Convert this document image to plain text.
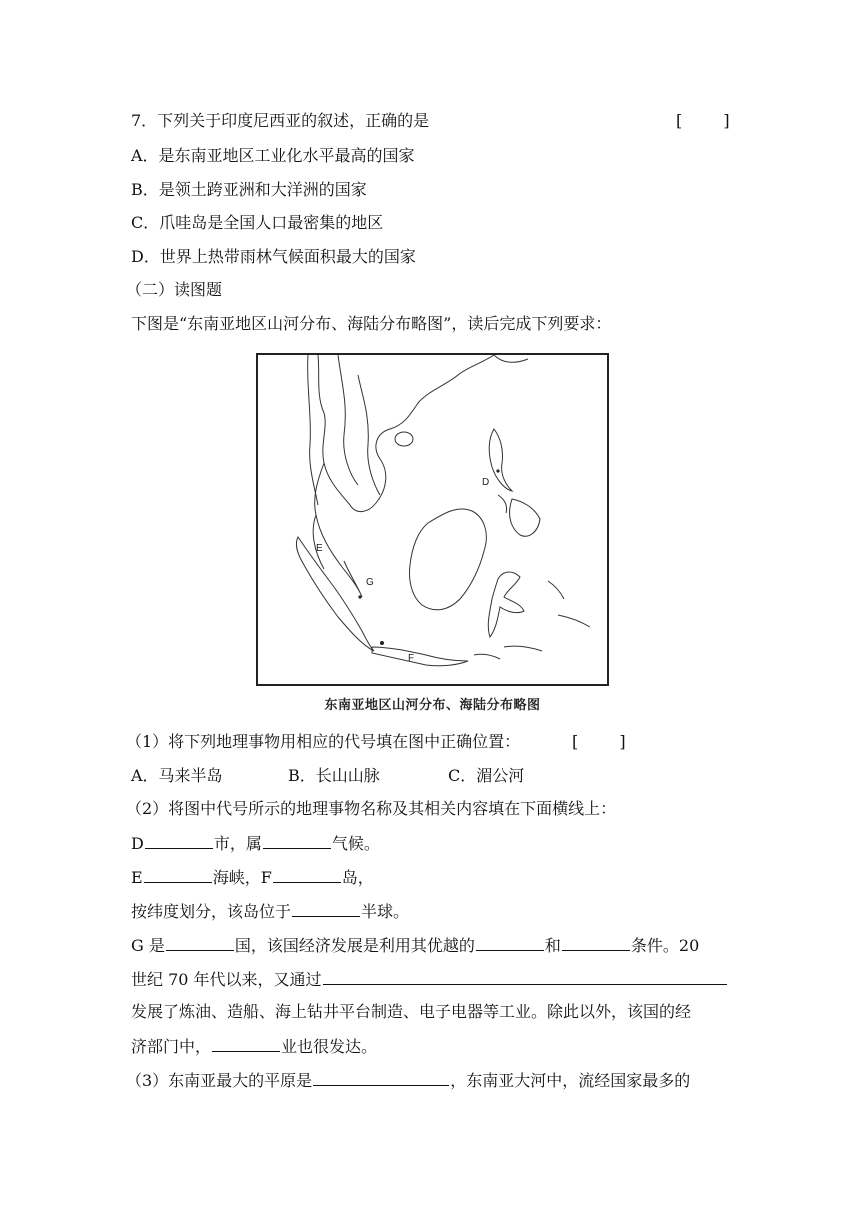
7．下列关于印度尼西亚的叙述，正确的是	[ ]
A．是东南亚地区工业化水平最高的国家
B．是领土跨亚洲和大洋洲的国家
C．爪哇岛是全国人口最密集的地区
D．世界上热带雨林气候面积最大的国家
（二）读图题
下图是“东南亚地区山河分布、海陆分布略图”，读后完成下列要求：
D
E
G
F
东南亚地区山河分布、海陆分布略图
（1）将下列地理事物用相应的代号填在图中正确位置：	[ ]
A．马来半岛	B．长山山脉	C．湄公河
（2）将图中代号所示的地理事物名称及其相关内容填在下面横线上：
D	市，属	气候。
E	海峡，F	岛，
按纬度划分，该岛位于	半球。
G 是	国，该国经济发展是利用其优越的	和	条件。20
世纪 70 年代以来，又通过
发展了炼油、造船、海上钻井平台制造、电子电器等工业。除此以外，该国的经
济部门中，	业也很发达。
（3）东南亚最大的平原是	，东南亚大河中，流经国家最多的
